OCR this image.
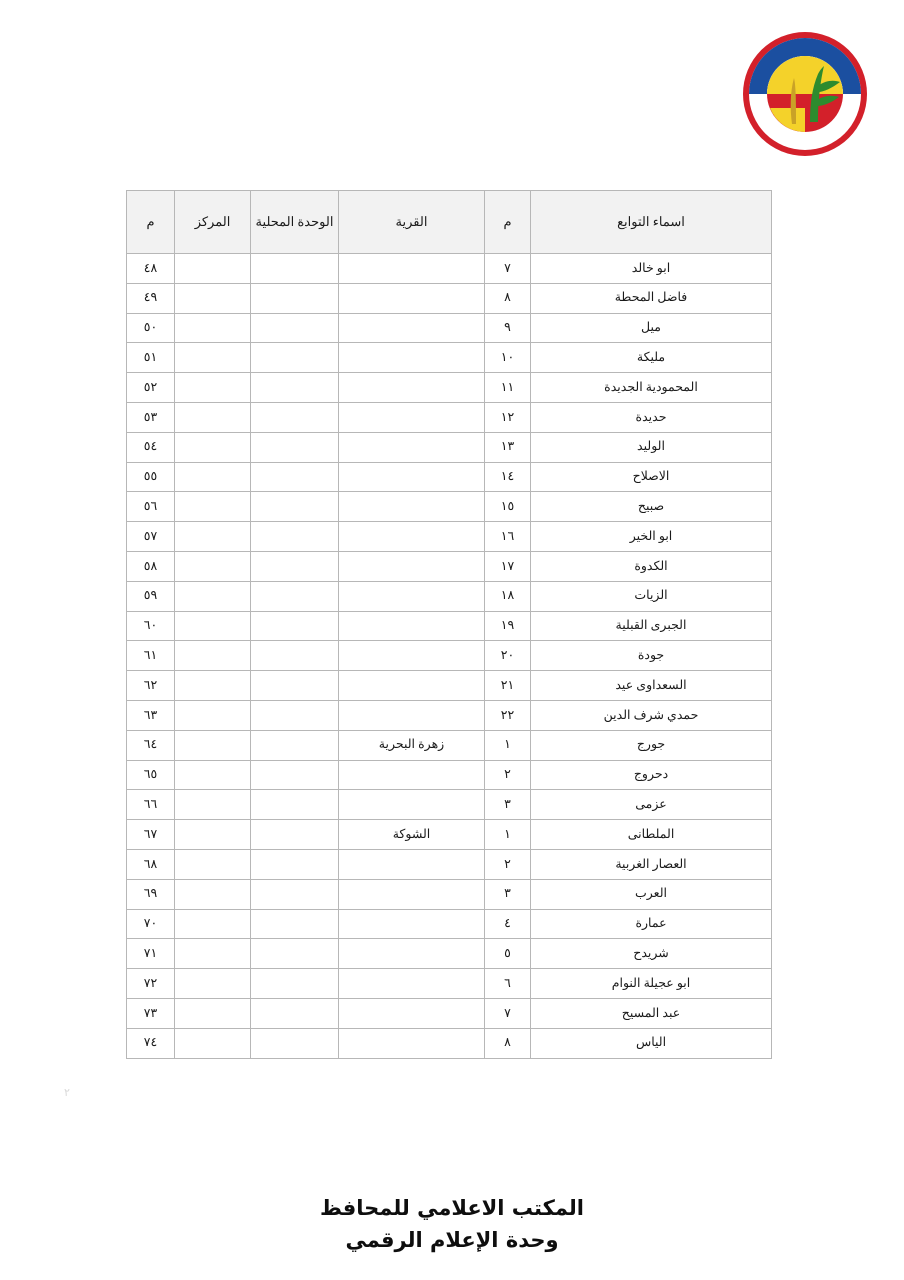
البحيرة
اسماء التوابع	م	القرية	الوحدة المحلية	المركز	م
ابو خالد	٧				٤٨
فاضل المحطة	٨				٤٩
ميل	٩				٥٠
مليكة	١٠				٥١
المحمودية الجديدة	١١				٥٢
حديدة	١٢				٥٣
الوليد	١٣				٥٤
الاصلاح	١٤				٥٥
صبيح	١٥				٥٦
ابو الخير	١٦				٥٧
الكدوة	١٧				٥٨
الزيات	١٨				٥٩
الجبرى القبلية	١٩				٦٠
جودة	٢٠				٦١
السعداوى عيد	٢١				٦٢
حمدي شرف الدين	٢٢				٦٣
جورج	١	زهرة البحرية			٦٤
دحروج	٢				٦٥
عزمى	٣				٦٦
الملطانى	١	الشوكة			٦٧
العصار الغربية	٢				٦٨
العرب	٣				٦٩
عمارة	٤				٧٠
شريدح	٥				٧١
ابو عجيلة النوام	٦				٧٢
عبد المسيح	٧				٧٣
الياس	٨				٧٤
٢
المكتب الاعلامي للمحافظ
وحدة الإعلام الرقمي
